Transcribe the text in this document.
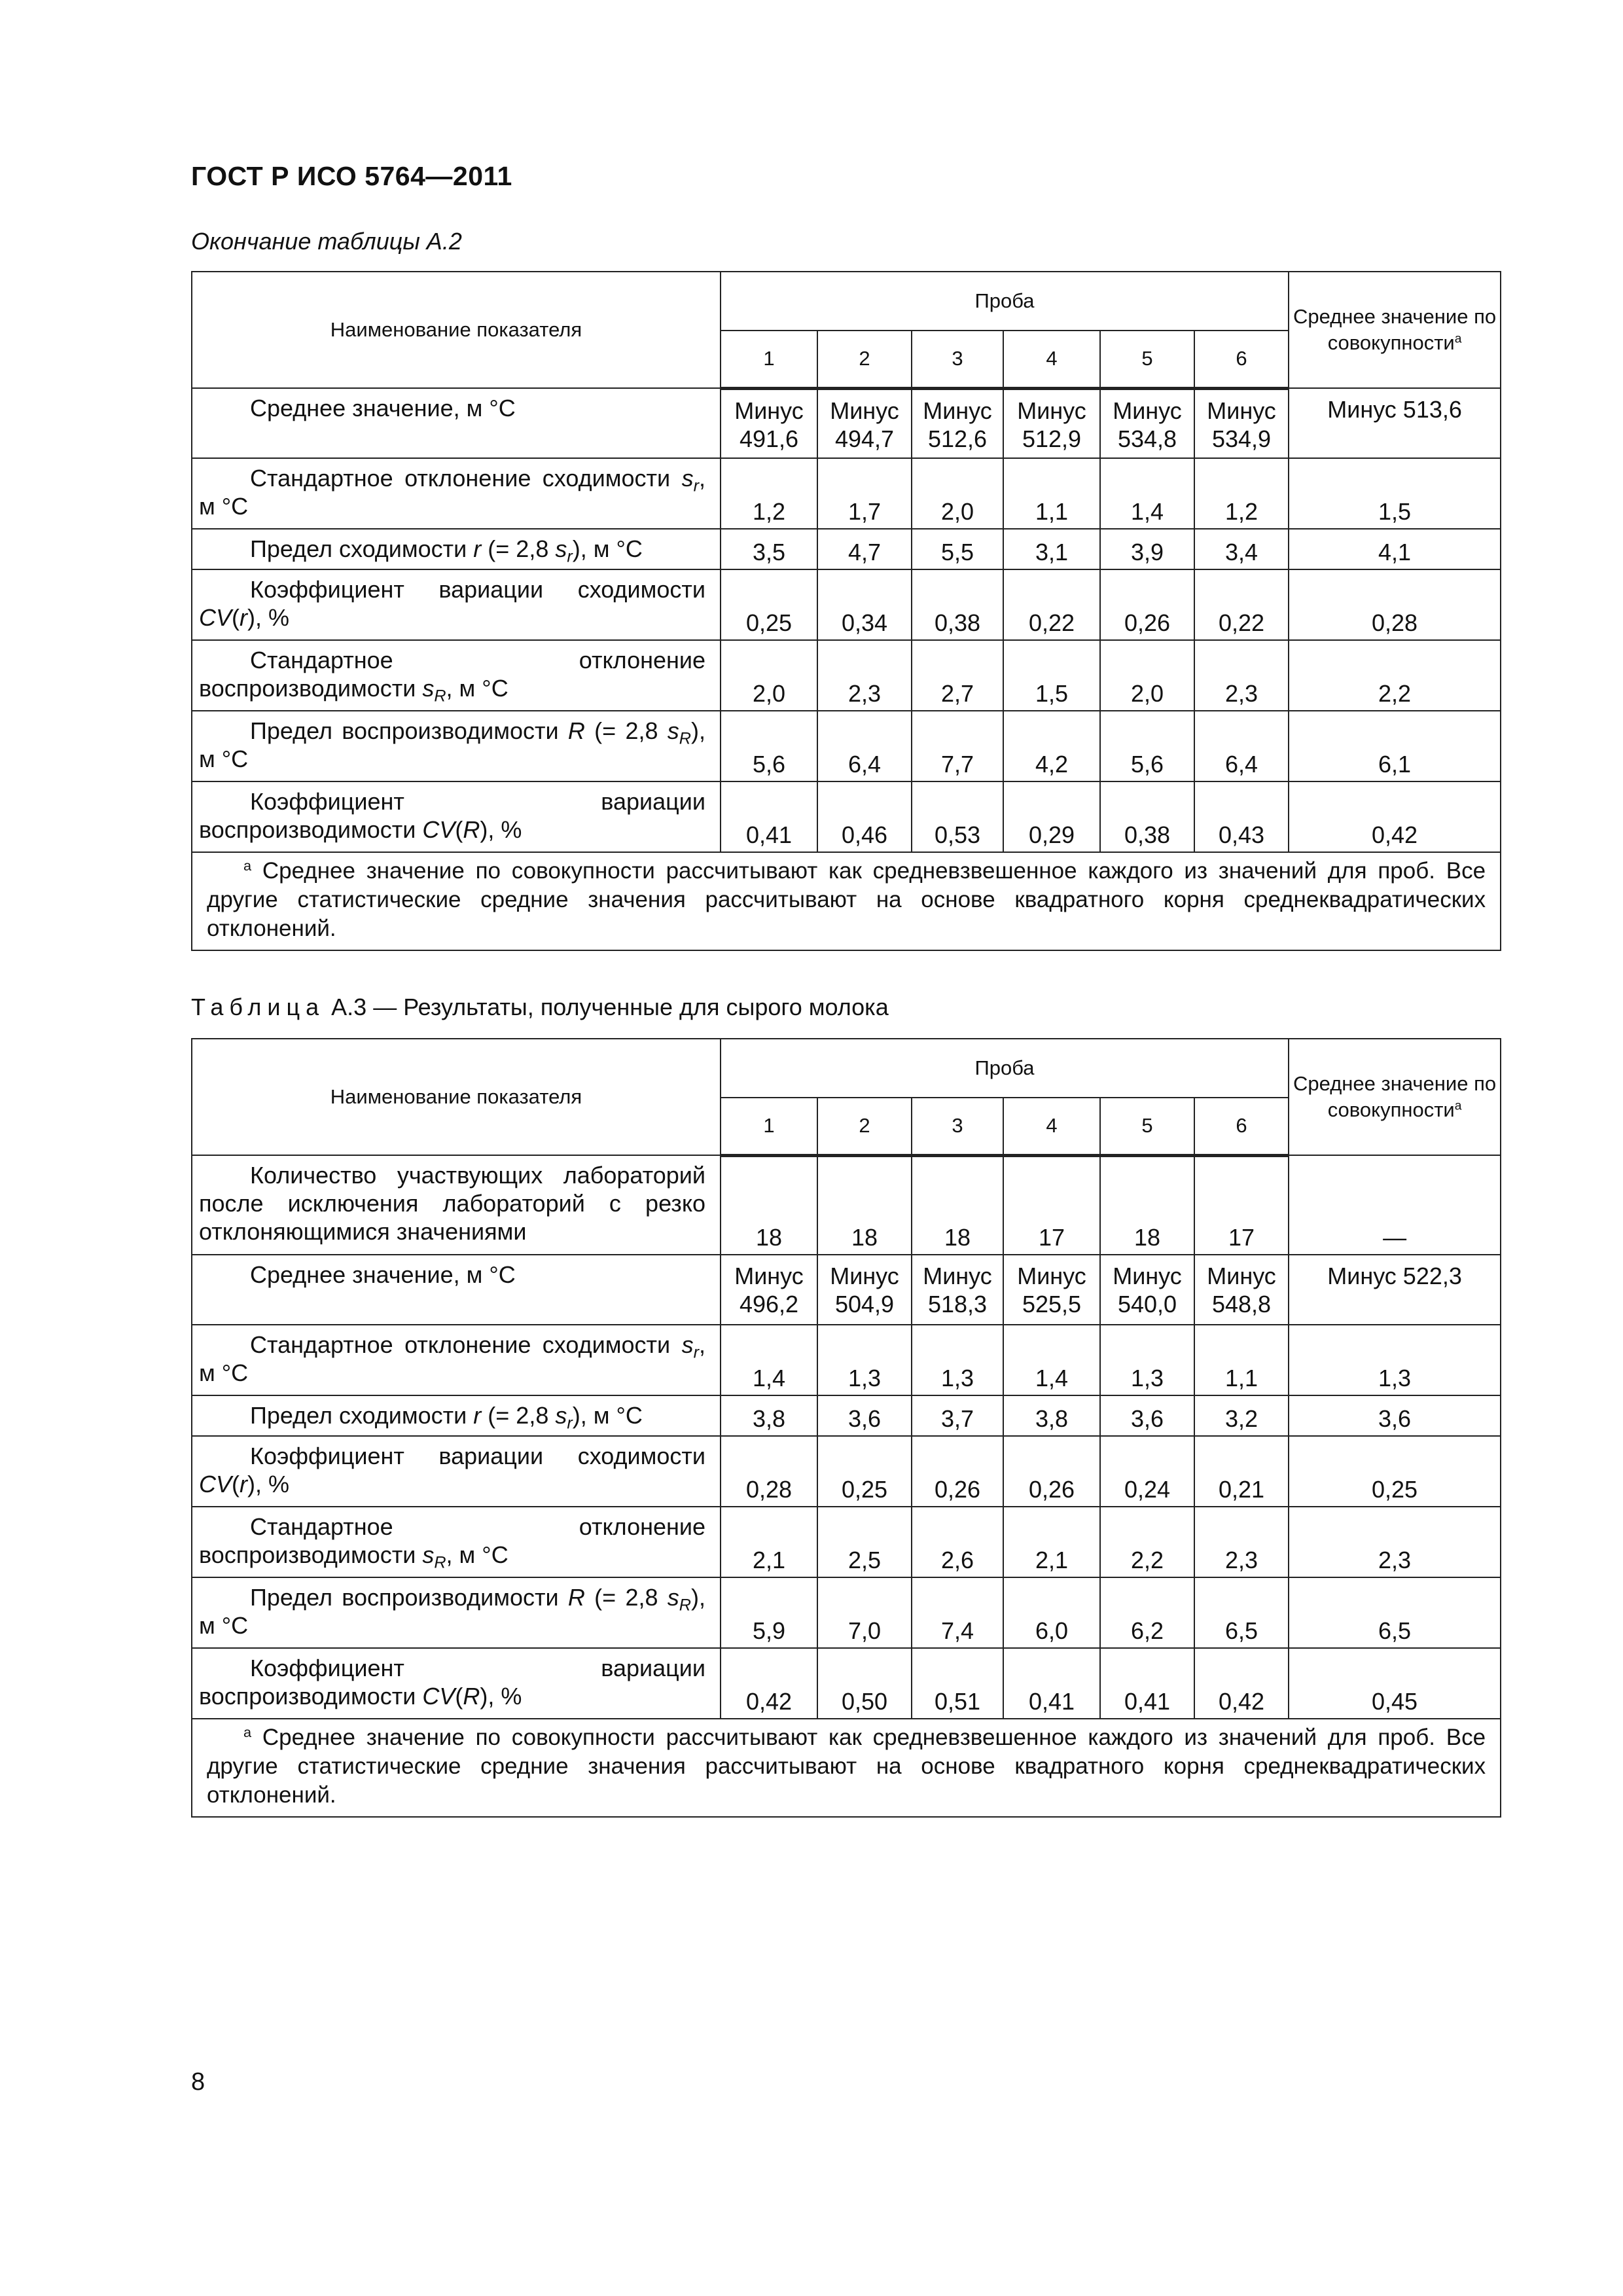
ГОСТ Р ИСО 5764—2011
Окончание таблицы А.2
Наименование показателя	Проба						Среднее значение по совокупности$^a$
	1	2	3	4	5	6	
Среднее значение, м °С	Минус 491,6	Минус 494,7	Минус 512,6	Минус 512,9	Минус 534,8	Минус 534,9	Минус 513,6
Стандартное отклонение сходимости $s_r$, м °С	1,2	1,7	2,0	1,1	1,4	1,2	1,5
Предел сходимости r (= 2,8 $s_r$), м °С	3,5	4,7	5,5	3,1	3,9	3,4	4,1
Коэффициент вариации сходимости CV(r), %	0,25	0,34	0,38	0,22	0,26	0,22	0,28
Стандартное отклонение воспроизводимости $s_R$, м °С	2,0	2,3	2,7	1,5	2,0	2,3	2,2
Предел воспроизводимости R (= 2,8 $s_R$), м °С	5,6	6,4	7,7	4,2	5,6	6,4	6,1
Коэффициент вариации воспроизводимости CV(R), %	0,41	0,46	0,53	0,29	0,38	0,43	0,42
$^a$ Среднее значение по совокупности рассчитывают как средневзвешенное каждого из значений для проб. Все другие статистические средние значения рассчитывают на основе квадратного корня среднеквадратических отклонений.							
Таблица А.3 — Результаты, полученные для сырого молока
Наименование показателя	Проба						Среднее значение по совокупности$^a$
	1	2	3	4	5	6	
Количество участвующих лабораторий после исключения лабораторий с резко отклоняющимися значениями	18	18	18	17	18	17	—
Среднее значение, м °С	Минус 496,2	Минус 504,9	Минус 518,3	Минус 525,5	Минус 540,0	Минус 548,8	Минус 522,3
Стандартное отклонение сходимости $s_r$, м °С	1,4	1,3	1,3	1,4	1,3	1,1	1,3
Предел сходимости r (= 2,8 $s_r$), м °С	3,8	3,6	3,7	3,8	3,6	3,2	3,6
Коэффициент вариации сходимости CV(r), %	0,28	0,25	0,26	0,26	0,24	0,21	0,25
Стандартное отклонение воспроизводимости $s_R$, м °С	2,1	2,5	2,6	2,1	2,2	2,3	2,3
Предел воспроизводимости R (= 2,8 $s_R$), м °С	5,9	7,0	7,4	6,0	6,2	6,5	6,5
Коэффициент вариации воспроизводимости CV(R), %	0,42	0,50	0,51	0,41	0,41	0,42	0,45
$^a$ Среднее значение по совокупности рассчитывают как средневзвешенное каждого из значений для проб. Все другие статистические средние значения рассчитывают на основе квадратного корня среднеквадратических отклонений.							
8
